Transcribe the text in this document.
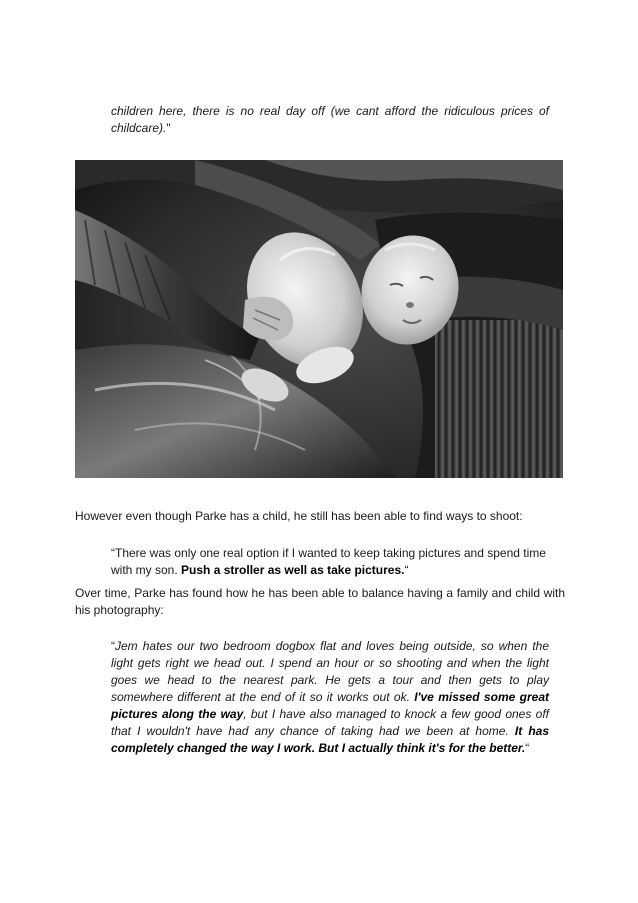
children here, there is no real day off (we cant afford the ridiculous prices of childcare)."

However even though Parke has a child, he still has been able to find ways to shoot:

“There was only one real option if I wanted to keep taking pictures and spend time with my son. Push a stroller as well as take pictures.“

Over time, Parke has found how he has been able to balance having a family and child with his photography:

“Jem hates our two bedroom dogbox flat and loves being outside, so when the light gets right we head out. I spend an hour or so shooting and when the light goes we head to the nearest park. He gets a tour and then gets to play somewhere different at the end of it so it works out ok. I've missed some great pictures along the way, but I have also managed to knock a few good ones off that I wouldn't have had any chance of taking had we been at home. It has completely changed the way I work. But I actually think it's for the better.“
